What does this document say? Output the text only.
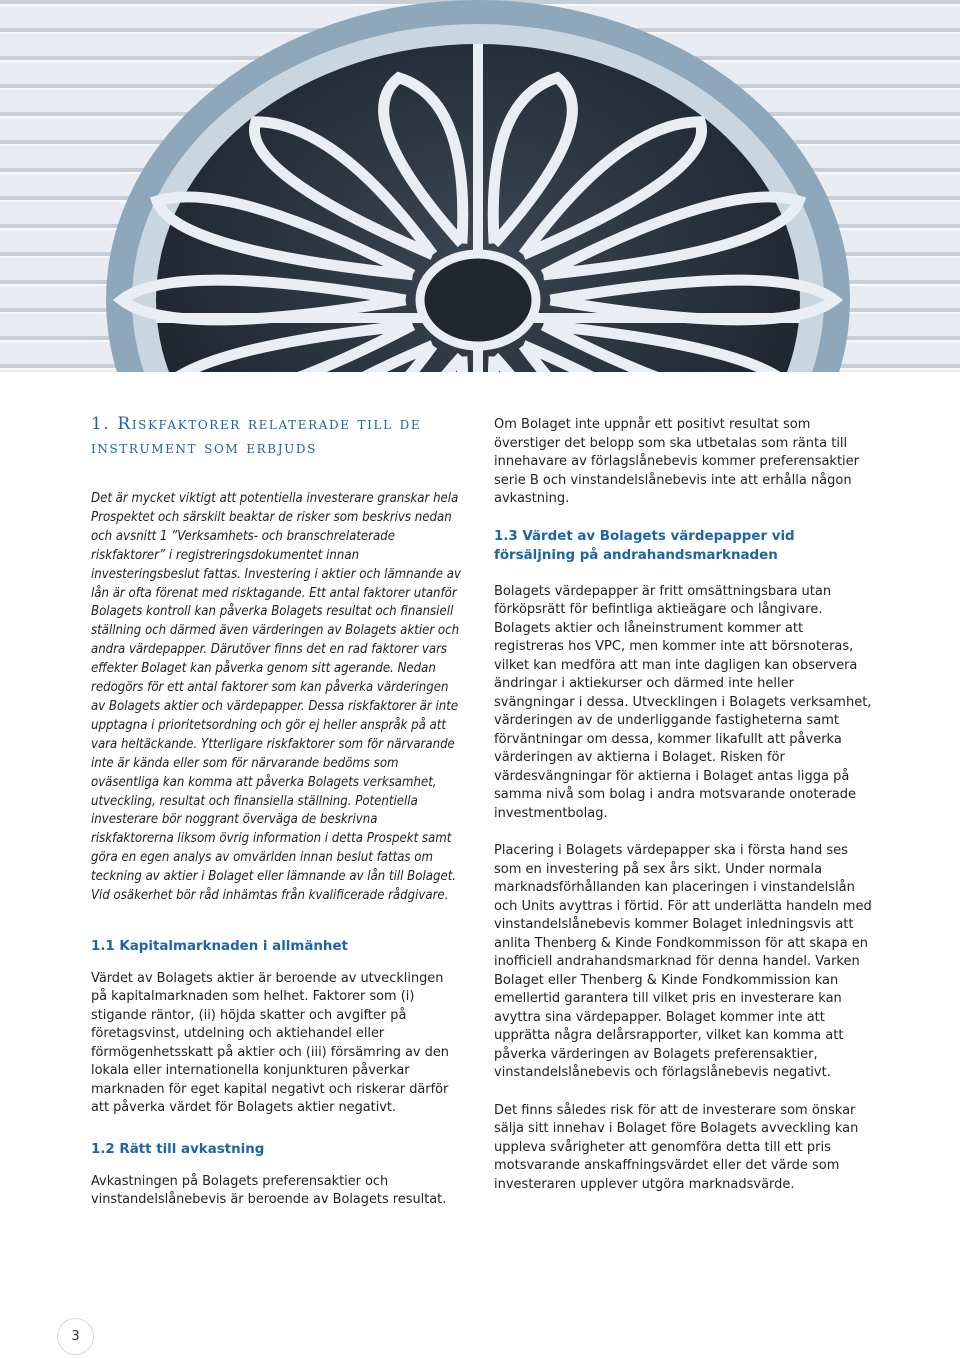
1. Riskfaktorer relaterade till de instrument som erbjuds

Det är mycket viktigt att potentiella investerare granskar hela Prospektet och särskilt beaktar de risker som beskrivs nedan och avsnitt 1 ”Verksamhets- och branschrelaterade riskfaktorer” i registreringsdokumentet innan investeringsbeslut fattas. Investering i aktier och lämnande av lån är ofta förenat med risktagande. Ett antal faktorer utanför Bolagets kontroll kan påverka Bolagets resultat och finansiell ställning och därmed även värderingen av Bolagets aktier och andra värdepapper. Därutöver finns det en rad faktorer vars effekter Bolaget kan påverka genom sitt agerande. Nedan redogörs för ett antal faktorer som kan påverka värderingen av Bolagets aktier och värdepapper. Dessa riskfaktorer är inte upptagna i prioritetsordning och gör ej heller anspråk på att vara heltäckande. Ytterligare riskfaktorer som för närvarande inte är kända eller som för närvarande bedöms som oväsentliga kan komma att påverka Bolagets verksamhet, utveckling, resultat och finansiella ställning. Potentiella investerare bör noggrant överväga de beskrivna riskfaktorerna liksom övrig information i detta Prospekt samt göra en egen analys av omvärlden innan beslut fattas om teckning av aktier i Bolaget eller lämnande av lån till Bolaget. Vid osäkerhet bör råd inhämtas från kvalificerade rådgivare.

1.1 Kapitalmarknaden i allmänhet

Värdet av Bolagets aktier är beroende av utvecklingen på kapitalmarknaden som helhet. Faktorer som (i) stigande räntor, (ii) höjda skatter och avgifter på företagsvinst, utdelning och aktiehandel eller förmögenhetsskatt på aktier och (iii) försämring av den lokala eller internationella konjunkturen påverkar marknaden för eget kapital negativt och riskerar därför att påverka värdet för Bolagets aktier negativt.

1.2 Rätt till avkastning

Avkastningen på Bolagets preferensaktier och vinstandelslånebevis är beroende av Bolagets resultat.

Om Bolaget inte uppnår ett positivt resultat som överstiger det belopp som ska utbetalas som ränta till innehavare av förlagslånebevis kommer preferensaktier serie B och vinstandelslånebevis inte att erhålla någon avkastning.

1.3 Värdet av Bolagets värdepapper vid försäljning på andrahandsmarknaden

Bolagets värdepapper är fritt omsättningsbara utan förköpsrätt för befintliga aktieägare och långivare. Bolagets aktier och låneinstrument kommer att registreras hos VPC, men kommer inte att börsnoteras, vilket kan medföra att man inte dagligen kan observera ändringar i aktiekurser och därmed inte heller svängningar i dessa. Utvecklingen i Bolagets verksamhet, värderingen av de underliggande fastigheterna samt förväntningar om dessa, kommer likafullt att påverka värderingen av aktierna i Bolaget. Risken för värdesvängningar för aktierna i Bolaget antas ligga på samma nivå som bolag i andra motsvarande onoterade investmentbolag.

Placering i Bolagets värdepapper ska i första hand ses som en investering på sex års sikt. Under normala marknadsförhållanden kan placeringen i vinstandelslån och Units avyttras i förtid. För att underlätta handeln med vinstandelslånebevis kommer Bolaget inledningsvis att anlita Thenberg & Kinde Fondkommisson för att skapa en inofficiell andrahandsmarknad för denna handel. Varken Bolaget eller Thenberg & Kinde Fondkommission kan emellertid garantera till vilket pris en investerare kan avyttra sina värdepapper. Bolaget kommer inte att upprätta några delårsrapporter, vilket kan komma att påverka värderingen av Bolagets preferensaktier, vinstandelslånebevis och förlagslånebevis negativt.

Det finns således risk för att de investerare som önskar sälja sitt innehav i Bolaget före Bolagets avveckling kan uppleva svårigheter att genomföra detta till ett pris motsvarande anskaffningsvärdet eller det värde som investeraren upplever utgöra marknadsvärde.

3
